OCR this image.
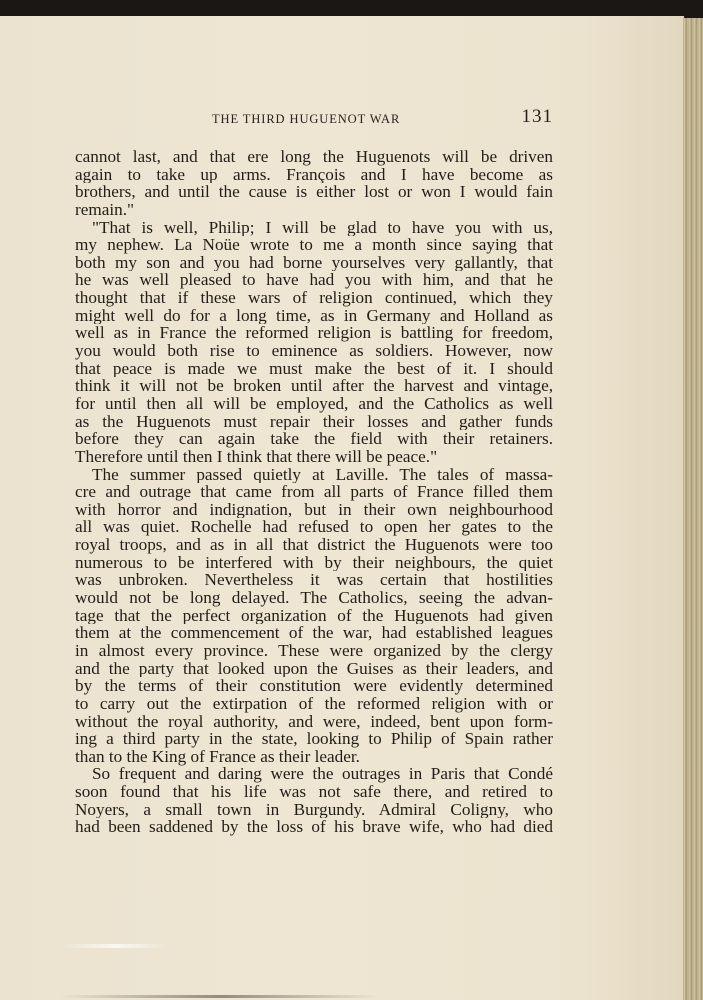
THE THIRD HUGUENOT WAR	131
cannot last, and that ere long the Huguenots will be driven
again to take up arms. François and I have become as
brothers, and until the cause is either lost or won I would fain
remain."
"That is well, Philip; I will be glad to have you with us,
my nephew. La Noüe wrote to me a month since saying that
both my son and you had borne yourselves very gallantly, that
he was well pleased to have had you with him, and that he
thought that if these wars of religion continued, which they
might well do for a long time, as in Germany and Holland as
well as in France the reformed religion is battling for freedom,
you would both rise to eminence as soldiers. However, now
that peace is made we must make the best of it. I should
think it will not be broken until after the harvest and vintage,
for until then all will be employed, and the Catholics as well
as the Huguenots must repair their losses and gather funds
before they can again take the field with their retainers.
Therefore until then I think that there will be peace."
The summer passed quietly at Laville. The tales of massa-
cre and outrage that came from all parts of France filled them
with horror and indignation, but in their own neighbourhood
all was quiet. Rochelle had refused to open her gates to the
royal troops, and as in all that district the Huguenots were too
numerous to be interfered with by their neighbours, the quiet
was unbroken. Nevertheless it was certain that hostilities
would not be long delayed. The Catholics, seeing the advan-
tage that the perfect organization of the Huguenots had given
them at the commencement of the war, had established leagues
in almost every province. These were organized by the clergy
and the party that looked upon the Guises as their leaders, and
by the terms of their constitution were evidently determined
to carry out the extirpation of the reformed religion with or
without the royal authority, and were, indeed, bent upon form-
ing a third party in the state, looking to Philip of Spain rather
than to the King of France as their leader.
So frequent and daring were the outrages in Paris that Condé
soon found that his life was not safe there, and retired to
Noyers, a small town in Burgundy. Admiral Coligny, who
had been saddened by the loss of his brave wife, who had died
